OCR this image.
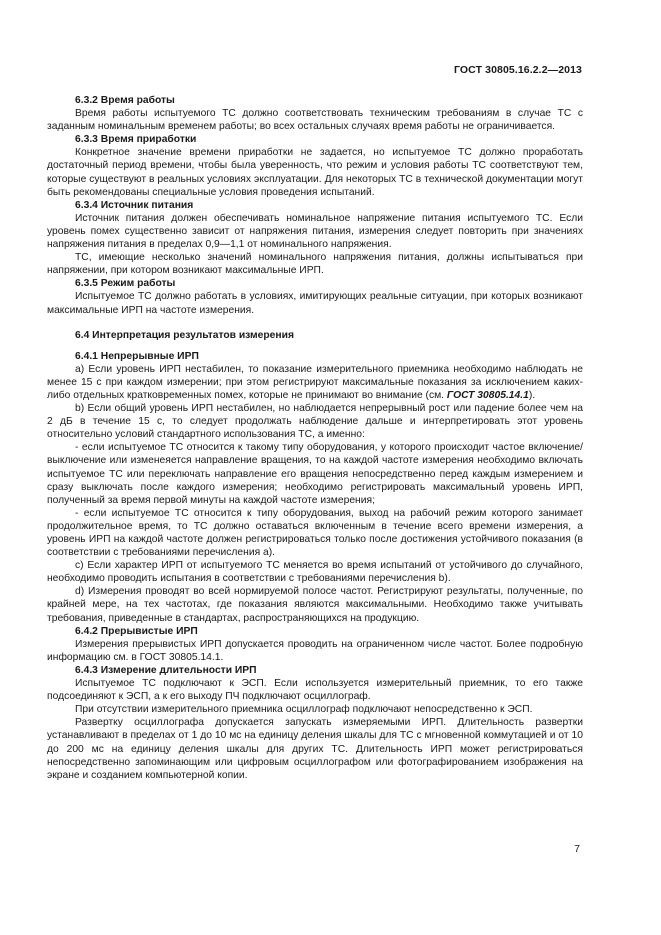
ГОСТ 30805.16.2.2—2013
6.3.2 Время работы

Время работы испытуемого ТС должно соответствовать техническим требованиям в случае ТС с заданным номинальным временем работы; во всех остальных случаях время работы не ограничивается.

6.3.3 Время приработки

Конкретное значение времени приработки не задается, но испытуемое ТС должно проработать достаточный период времени, чтобы была уверенность, что режим и условия работы ТС соответствуют тем, которые существуют в реальных условиях эксплуатации. Для некоторых ТС в технической документации могут быть рекомендованы специальные условия проведения испытаний.

6.3.4 Источник питания

Источник питания должен обеспечивать номинальное напряжение питания испытуемого ТС. Если уровень помех существенно зависит от напряжения питания, измерения следует повторить при значениях напряжения питания в пределах 0,9—1,1 от номинального напряжения.

ТС, имеющие несколько значений номинального напряжения питания, должны испытываться при напряжении, при котором возникают максимальные ИРП.

6.3.5 Режим работы

Испытуемое ТС должно работать в условиях, имитирующих реальные ситуации, при которых возникают максимальные ИРП на частоте измерения.

6.4 Интерпретация результатов измерения
6.4.1 Непрерывные ИРП

a) Если уровень ИРП нестабилен, то показание измерительного приемника необходимо наблюдать не менее 15 с при каждом измерении; при этом регистрируют максимальные показания за исключением каких-либо отдельных кратковременных помех, которые не принимают во внимание (см. ГОСТ 30805.14.1).

b) Если общий уровень ИРП нестабилен, но наблюдается непрерывный рост или падение более чем на 2 дБ в течение 15 с, то следует продолжать наблюдение дальше и интерпретировать этот уровень относительно условий стандартного использования ТС, а именно:

- если испытуемое ТС относится к такому типу оборудования, у которого происходит частое включение/выключение или изменеяется направление вращения, то на каждой частоте измерения необходимо включать испытуемое ТС или переключать направление его вращения непосредственно перед каждым измерением и сразу выключать после каждого измерения; необходимо регистрировать максимальный уровень ИРП, полученный за время первой минуты на каждой частоте измерения;

- если испытуемое ТС относится к типу оборудования, выход на рабочий режим которого занимает продолжительное время, то ТС должно оставаться включенным в течение всего времени измерения, а уровень ИРП на каждой частоте должен регистрироваться только после достижения устойчивого показания (в соответствии с требованиями перечисления а).

c) Если характер ИРП от испытуемого ТС меняется во время испытаний от устойчивого до случайного, необходимо проводить испытания в соответствии с требованиями перечисления b).

d) Измерения проводят во всей нормируемой полосе частот. Регистрируют результаты, полученные, по крайней мере, на тех частотах, где показания являются максимальными. Необходимо также учитывать требования, приведенные в стандартах, распространяющихся на продукцию.

6.4.2 Прерывистые ИРП

Измерения прерывистых ИРП допускается проводить на ограниченном числе частот. Более подробную информацию см. в ГОСТ 30805.14.1.

6.4.3 Измерение длительности ИРП

Испытуемое ТС подключают к ЭСП. Если используется измерительный приемник, то его также подсоединяют к ЭСП, а к его выходу ПЧ подключают осциллограф.

При отсутствии измерительного приемника осциллограф подключают непосредственно к ЭСП.

Развертку осциллографа допускается запускать измеряемыми ИРП. Длительность развертки устанавливают в пределах от 1 до 10 мс на единицу деления шкалы для ТС с мгновенной коммутацией и от 10 до 200 мс на единицу деления шкалы для других ТС. Длительность ИРП может регистрироваться непосредственно запоминающим или цифровым осциллографом или фотографированием изображения на экране и созданием компьютерной копии.

7
